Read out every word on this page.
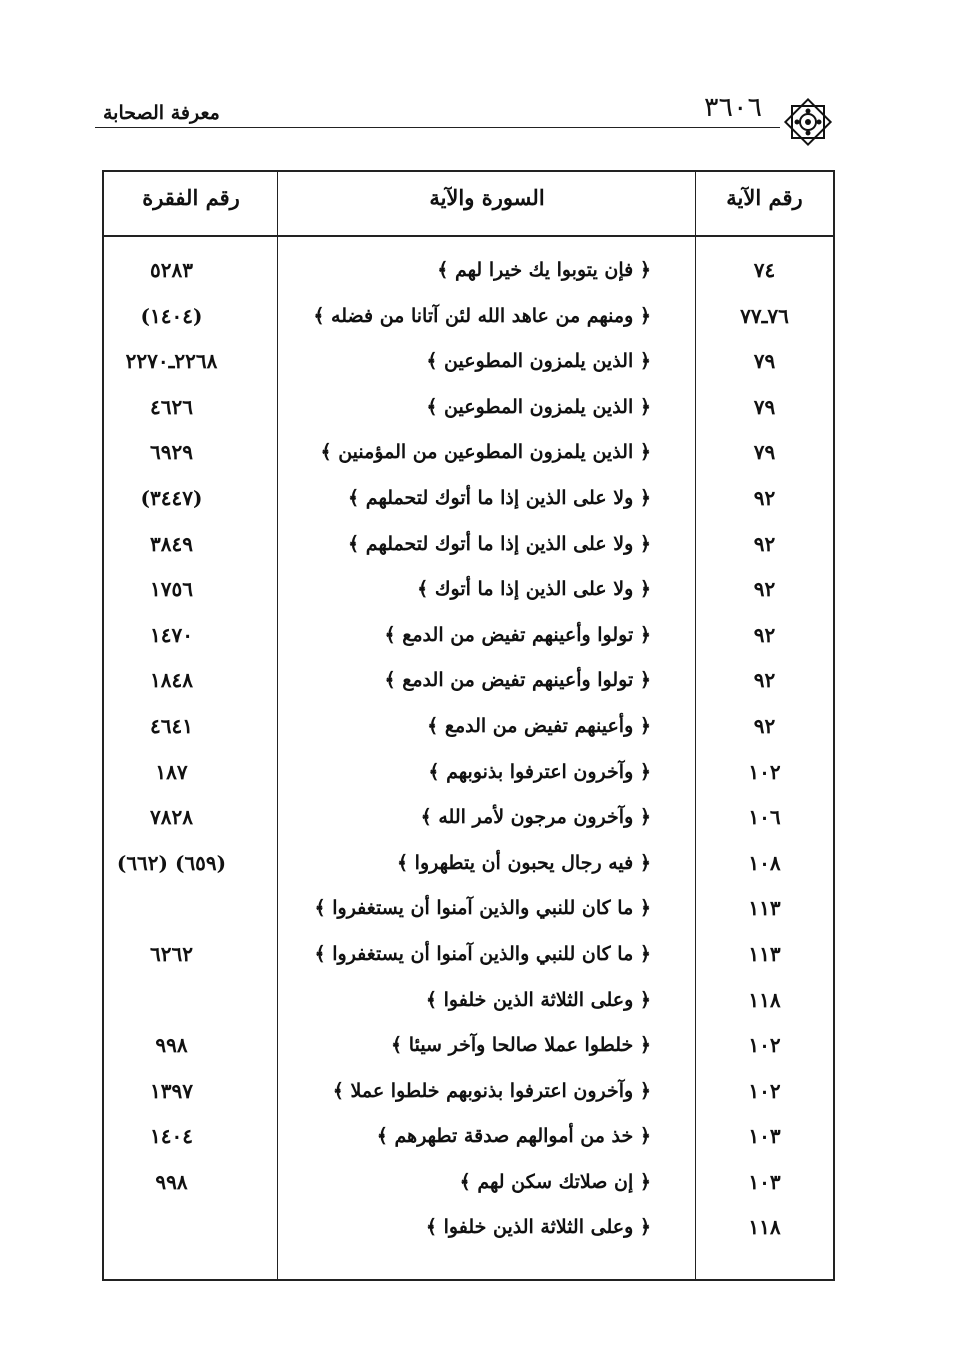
معرفة الصحابة	٣٦٠٦
رقم الآية
السورة والآية
رقم الفقرة
٧٤
﴿ فإن يتوبوا يك خيرا لهم ﴾
٥٢٨٣
٧٦ـ٧٧
﴿ ومنهم من عاهد الله لئن آتانا من فضله ﴾
(١٤٠٤)
٧٩
﴿ الذين يلمزون المطوعين ﴾
٢٢٦٨ـ٢٢٧٠
٧٩
﴿ الذين يلمزون المطوعين ﴾
٤٦٢٦
٧٩
﴿ الذين يلمزون المطوعين من المؤمنين ﴾
٦٩٢٩
٩٢
﴿ ولا على الذين إذا ما أتوك لتحملهم ﴾
(٣٤٤٧)
٩٢
﴿ ولا على الذين إذا ما أتوك لتحملهم ﴾
٣٨٤٩
٩٢
﴿ ولا على الذين إذا ما أتوك ﴾
١٧٥٦
٩٢
﴿ تولوا وأعينهم تفيض من الدمع ﴾
١٤٧٠
٩٢
﴿ تولوا وأعينهم تفيض من الدمع ﴾
١٨٤٨
٩٢
﴿ وأعينهم تفيض من الدمع ﴾
٤٦٤١
١٠٢
﴿ وآخرون اعترفوا بذنوبهم ﴾
١٨٧
١٠٦
﴿ وآخرون مرجون لأمر الله ﴾
٧٨٢٨
١٠٨
﴿ فيه رجال يحبون أن يتطهروا ﴾
(٦٥٩) (٦٦٢)
١١٣
﴿ ما كان للنبي والذين آمنوا أن يستغفروا ﴾
١١٣
﴿ ما كان للنبي والذين آمنوا أن يستغفروا ﴾
٦٢٦٢
١١٨
﴿ وعلى الثلاثة الذين خلفوا ﴾
١٠٢
﴿ خلطوا عملا صالحا وآخر سيئا ﴾
٩٩٨
١٠٢
﴿ وآخرون اعترفوا بذنوبهم خلطوا عملا ﴾
١٣٩٧
١٠٣
﴿ خذ من أموالهم صدقة تطهرهم ﴾
١٤٠٤
١٠٣
﴿ إن صلاتك سكن لهم ﴾
٩٩٨
١١٨
﴿ وعلى الثلاثة الذين خلفوا ﴾
